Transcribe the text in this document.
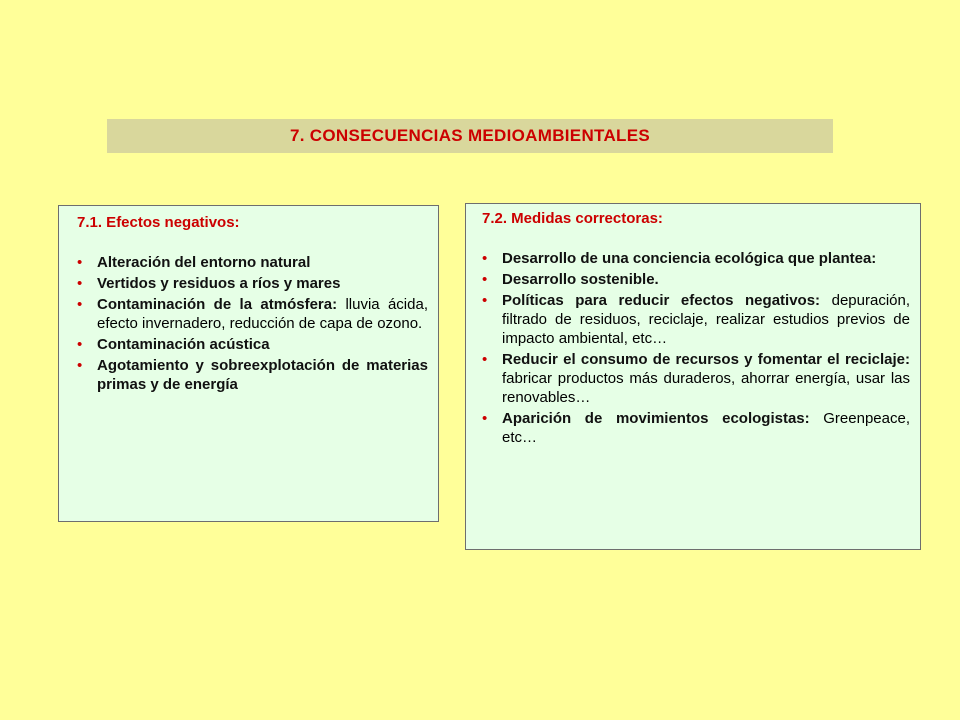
7. CONSECUENCIAS MEDIOAMBIENTALES
7.1. Efectos negativos:
• Alteración del entorno natural
• Vertidos y residuos a ríos y mares
• Contaminación de la atmósfera: lluvia ácida, efecto invernadero, reducción de capa de ozono.
• Contaminación acústica
• Agotamiento y sobreexplotación de materias primas y de energía
7.2. Medidas correctoras:
• Desarrollo de una conciencia ecológica que plantea:
• Desarrollo sostenible.
• Políticas para reducir efectos negativos: depuración, filtrado de residuos, reciclaje, realizar estudios previos de impacto ambiental, etc…
• Reducir el consumo de recursos y fomentar el reciclaje: fabricar productos más duraderos, ahorrar energía, usar las renovables…
• Aparición de movimientos ecologistas: Greenpeace, etc…
